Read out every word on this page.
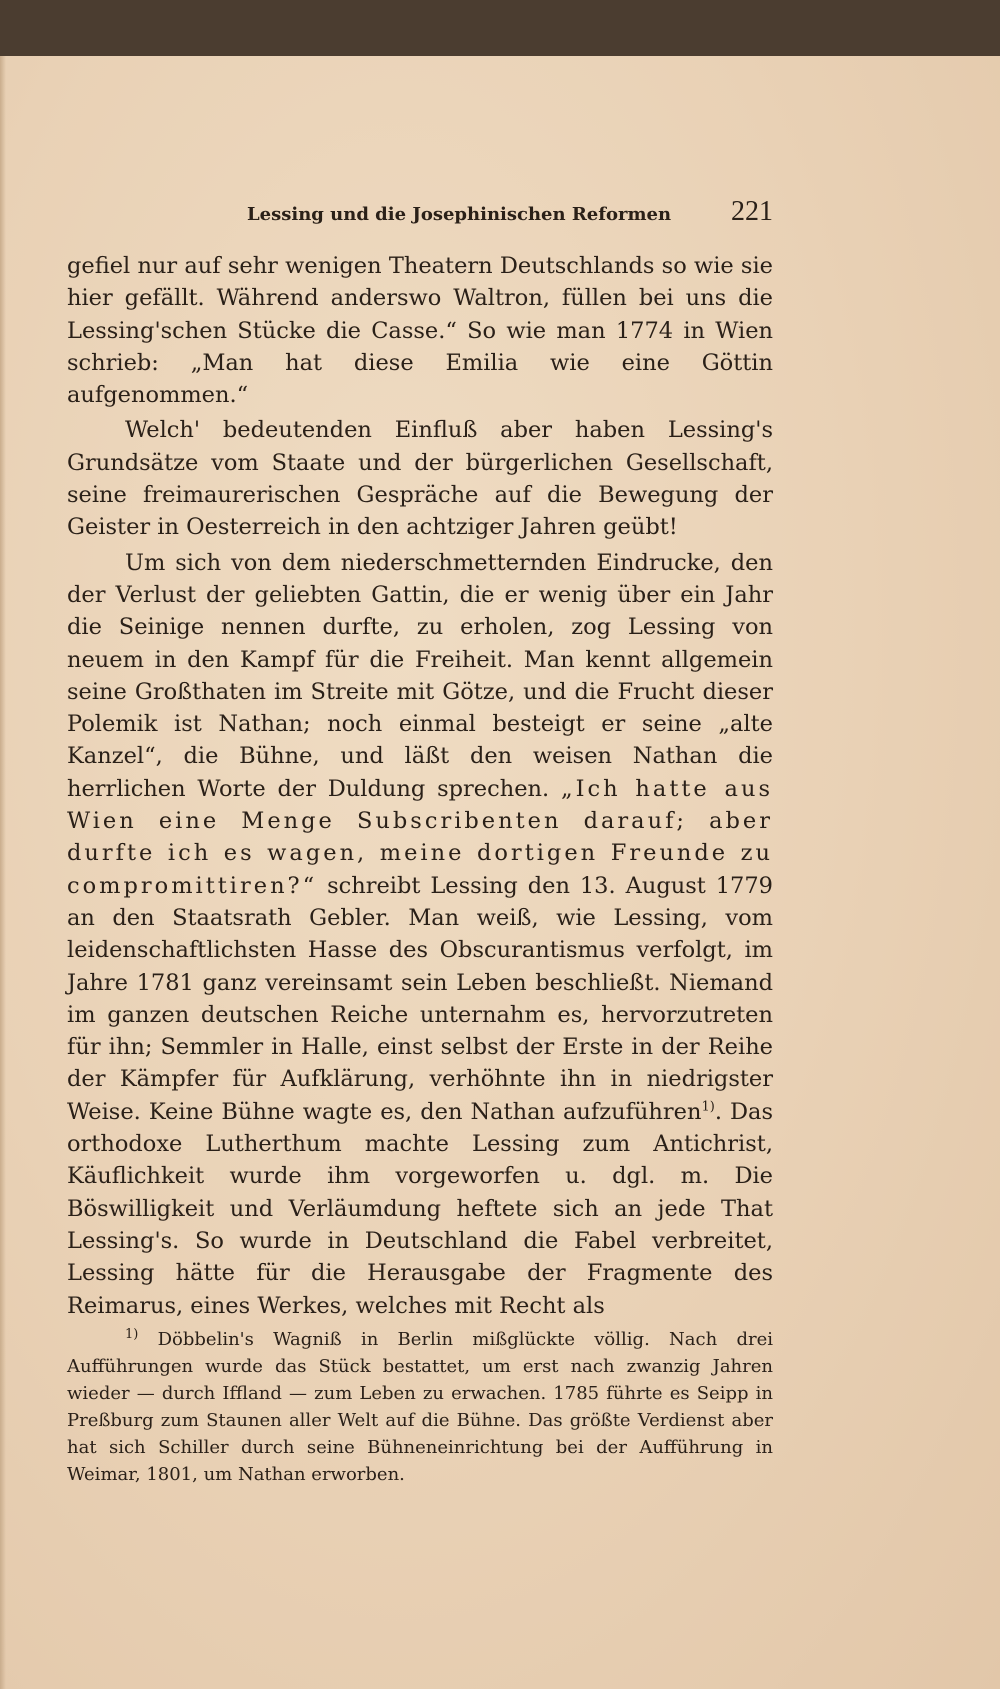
Lessing und die Josephinischen Reformen 221

gefiel nur auf sehr wenigen Theatern Deutschlands so wie sie hier gefällt. Während anderswo Waltron, füllen bei uns die Lessing'schen Stücke die Casse.“ So wie man 1774 in Wien schrieb: „Man hat diese Emilia wie eine Göttin aufgenommen.“

Welch' bedeutenden Einfluß aber haben Lessing's Grundsätze vom Staate und der bürgerlichen Gesellschaft, seine freimaurerischen Gespräche auf die Bewegung der Geister in Oesterreich in den achtziger Jahren geübt!

Um sich von dem niederschmetternden Eindrucke, den der Verlust der geliebten Gattin, die er wenig über ein Jahr die Seinige nennen durfte, zu erholen, zog Lessing von neuem in den Kampf für die Freiheit. Man kennt allgemein seine Großthaten im Streite mit Götze, und die Frucht dieser Polemik ist Nathan; noch einmal besteigt er seine „alte Kanzel“, die Bühne, und läßt den weisen Nathan die herrlichen Worte der Duldung sprechen. „Ich hatte aus Wien eine Menge Subscribenten darauf; aber durfte ich es wagen, meine dortigen Freunde zu compromittiren?“ schreibt Lessing den 13. August 1779 an den Staatsrath Gebler. Man weiß, wie Lessing, vom leidenschaftlichsten Hasse des Obscurantismus verfolgt, im Jahre 1781 ganz vereinsamt sein Leben beschließt. Niemand im ganzen deutschen Reiche unternahm es, hervorzutreten für ihn; Semmler in Halle, einst selbst der Erste in der Reihe der Kämpfer für Aufklärung, verhöhnte ihn in niedrigster Weise. Keine Bühne wagte es, den Nathan aufzuführen$^{1)}$. Das orthodoxe Lutherthum machte Lessing zum Antichrist, Käuflichkeit wurde ihm vorgeworfen u. dgl. m. Die Böswilligkeit und Verläumdung heftete sich an jede That Lessing's. So wurde in Deutschland die Fabel verbreitet, Lessing hätte für die Herausgabe der Fragmente des Reimarus, eines Werkes, welches mit Recht als

$^{1)}$ Döbbelin's Wagniß in Berlin mißglückte völlig. Nach drei Aufführungen wurde das Stück bestattet, um erst nach zwanzig Jahren wieder — durch Iffland — zum Leben zu erwachen. 1785 führte es Seipp in Preßburg zum Staunen aller Welt auf die Bühne. Das größte Verdienst aber hat sich Schiller durch seine Bühneneinrichtung bei der Aufführung in Weimar, 1801, um Nathan erworben.
